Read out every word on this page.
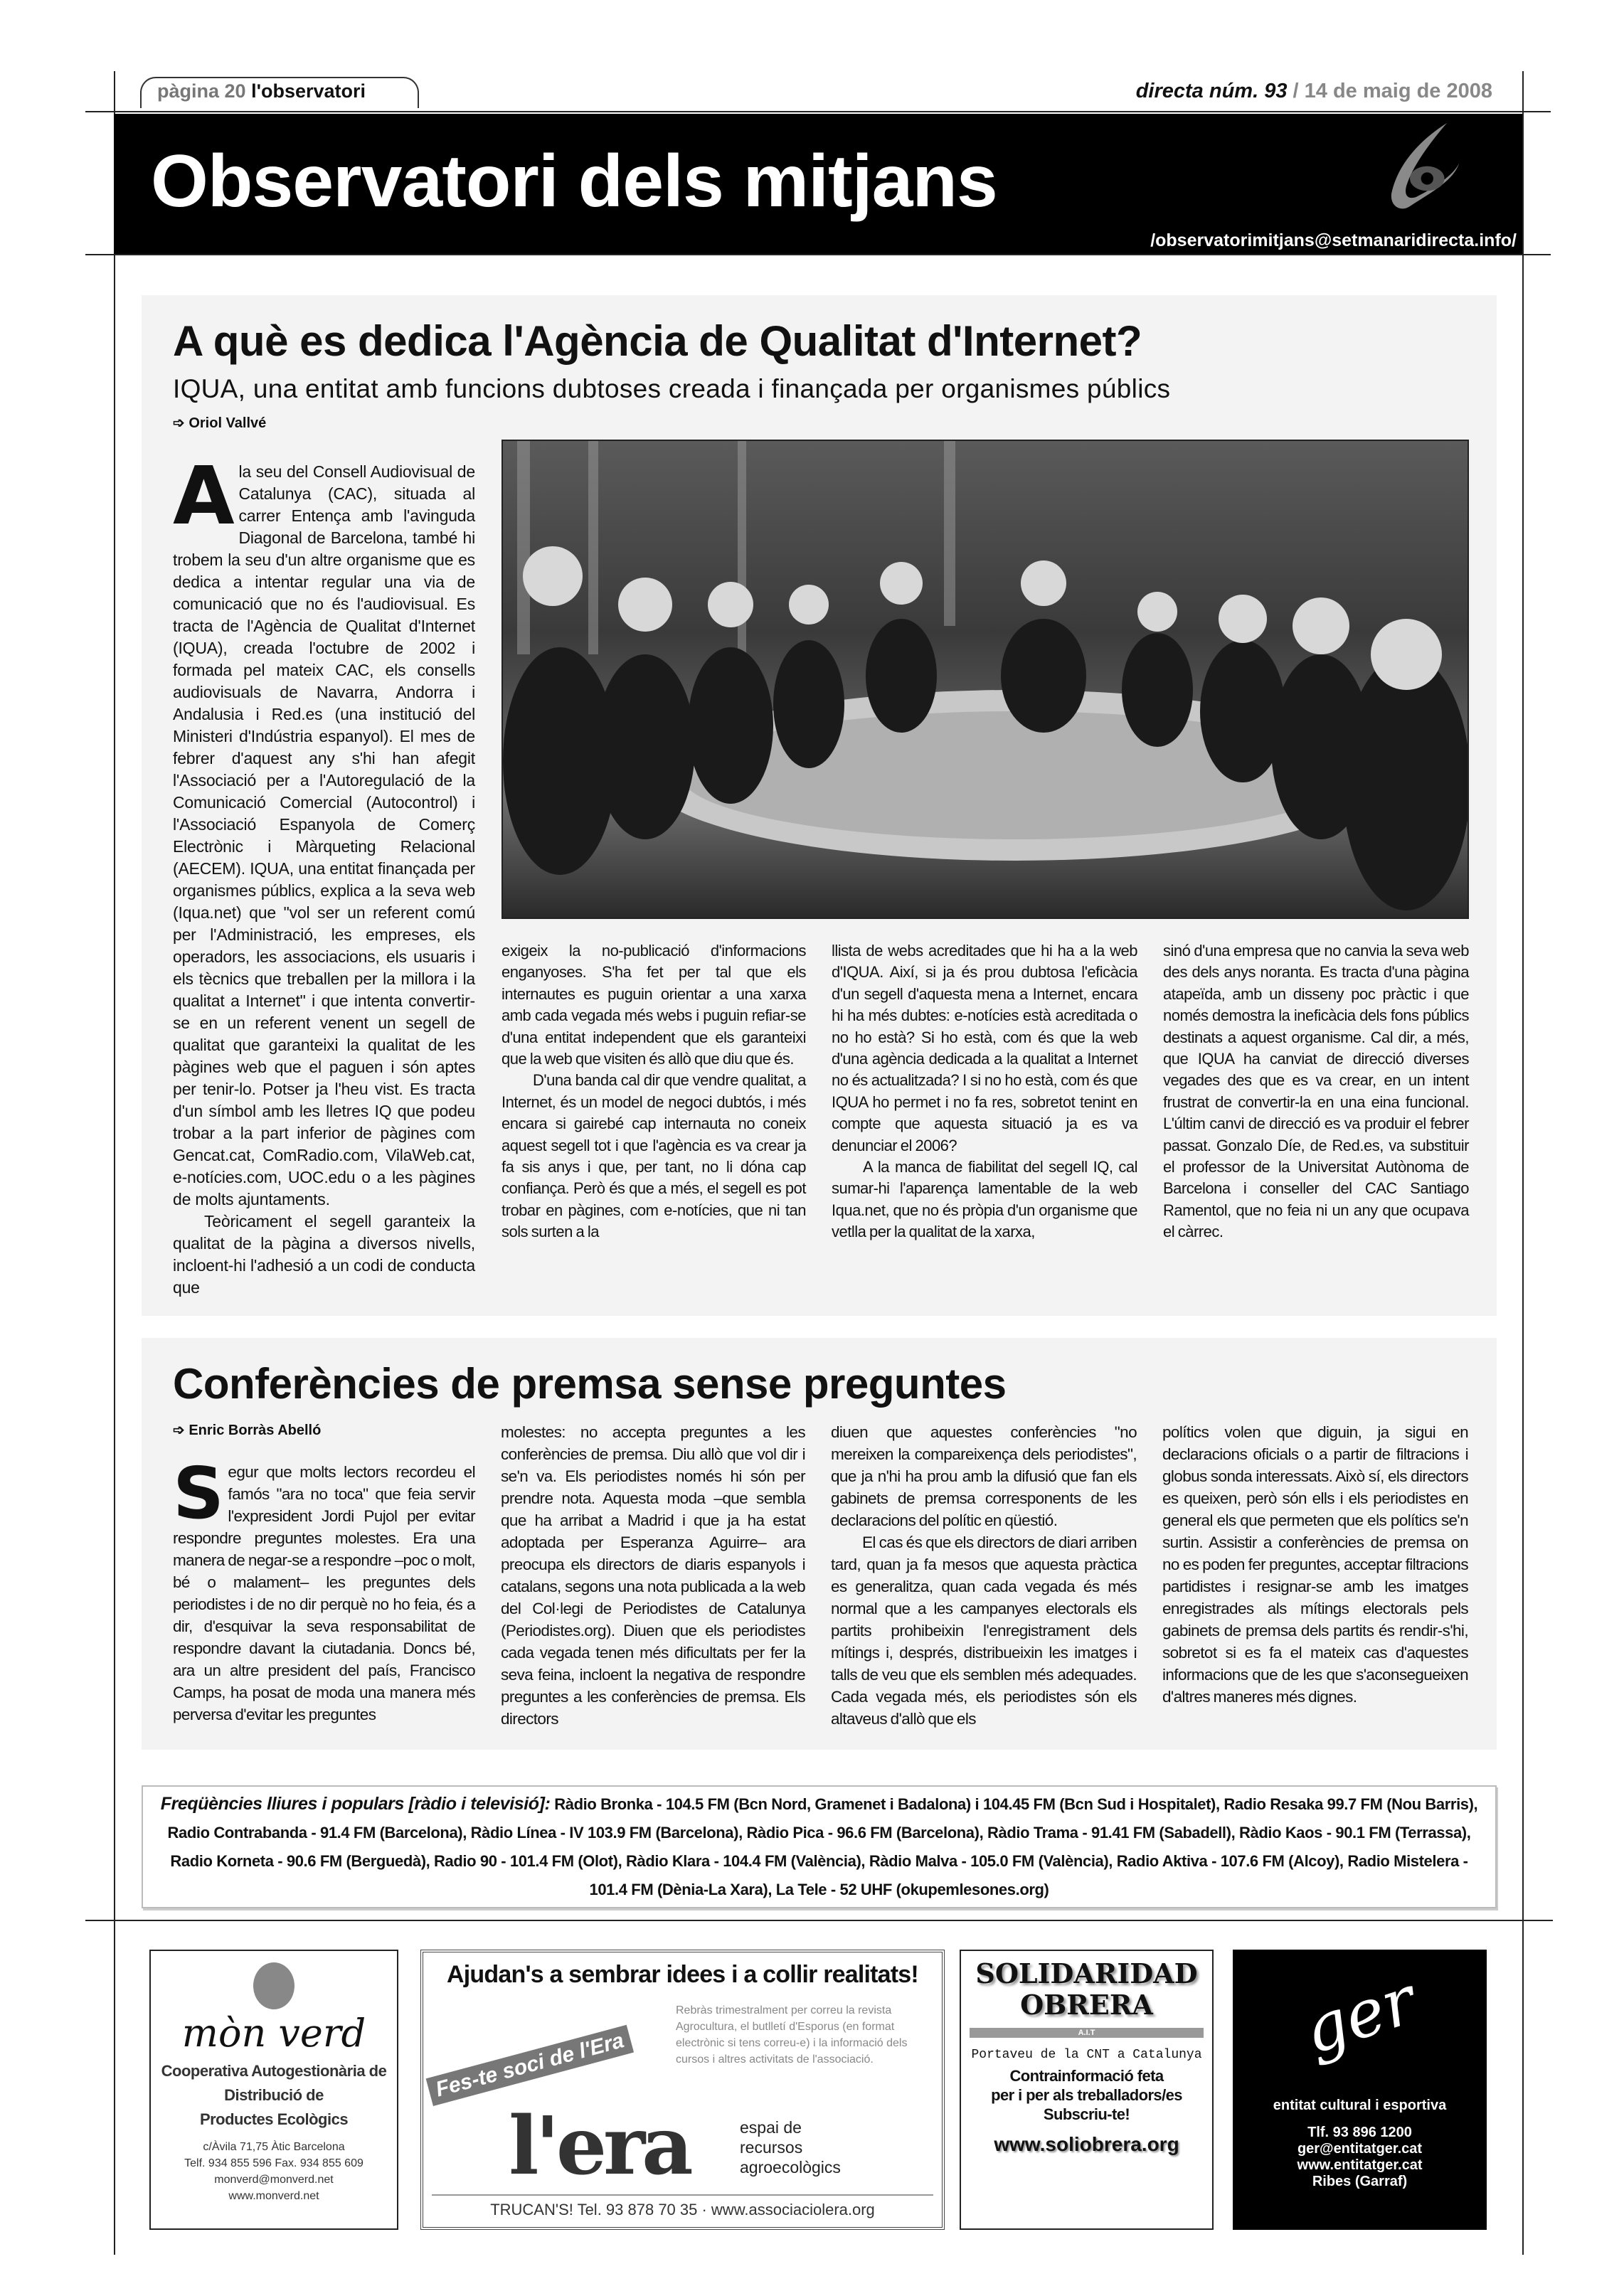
pàgina 20 l'observatori	directa núm. 93 / 14 de maig de 2008
Observatori dels mitjans
/observatorimitjans@setmanaridirecta.info/
A què es dedica l'Agència de Qualitat d'Internet?
IQUA, una entitat amb funcions dubtoses creada i finançada per organismes públics
➩ Oriol Vallvé

Ala seu del Consell Audiovisual de Catalunya (CAC), situada al carrer Entença amb l'avinguda Diagonal de Barcelona, també hi trobem la seu d'un altre organisme que es dedica a intentar regular una via de comunicació que no és l'audiovisual. Es tracta de l'Agència de Qualitat d'Internet (IQUA), creada l'octubre de 2002 i formada pel mateix CAC, els consells audiovisuals de Navarra, Andorra i Andalusia i Red.es (una institució del Ministeri d'Indústria espanyol). El mes de febrer d'aquest any s'hi han afegit l'Associació per a l'Autoregulació de la Comunicació Comercial (Autocontrol) i l'Associació Espanyola de Comerç Electrònic i Màrqueting Relacional (AECEM). IQUA, una entitat finançada per organismes públics, explica a la seva web (Iqua.net) que "vol ser un referent comú per l'Administració, les empreses, els operadors, les associacions, els usuaris i els tècnics que treballen per la millora i la qualitat a Internet" i que intenta convertir-se en un referent venent un segell de qualitat que garanteixi la qualitat de les pàgines web que el paguen i són aptes per tenir-lo. Potser ja l'heu vist. Es tracta d'un símbol amb les lletres IQ que podeu trobar a la part inferior de pàgines com Gencat.cat, ComRadio.com, VilaWeb.cat, e-notícies.com, UOC.edu o a les pàgines de molts ajuntaments.

Teòricament el segell garanteix la qualitat de la pàgina a diversos nivells, incloent-hi l'adhesió a un codi de conducta que

exigeix la no-publicació d'informacions enganyoses. S'ha fet per tal que els internautes es puguin orientar a una xarxa amb cada vegada més webs i puguin refiar-se d'una entitat independent que els garanteixi que la web que visiten és allò que diu que és.

D'una banda cal dir que vendre qualitat, a Internet, és un model de negoci dubtós, i més encara si gairebé cap internauta no coneix aquest segell tot i que l'agència es va crear ja fa sis anys i que, per tant, no li dóna cap confiança. Però és que a més, el segell es pot trobar en pàgines, com e-notícies, que ni tan sols surten a la

llista de webs acreditades que hi ha a la web d'IQUA. Així, si ja és prou dubtosa l'eficàcia d'un segell d'aquesta mena a Internet, encara hi ha més dubtes: e-notícies està acreditada o no ho està? Si ho està, com és que la web d'una agència dedicada a la qualitat a Internet no és actualitzada? I si no ho està, com és que IQUA ho permet i no fa res, sobretot tenint en compte que aquesta situació ja es va denunciar el 2006?

A la manca de fiabilitat del segell IQ, cal sumar-hi l'aparença lamentable de la web Iqua.net, que no és pròpia d'un organisme que vetlla per la qualitat de la xarxa,

sinó d'una empresa que no canvia la seva web des dels anys noranta. Es tracta d'una pàgina atapeïda, amb un disseny poc pràctic i que només demostra la ineficàcia dels fons públics destinats a aquest organisme. Cal dir, a més, que IQUA ha canviat de direcció diverses vegades des que es va crear, en un intent frustrat de convertir-la en una eina funcional. L'últim canvi de direcció es va produir el febrer passat. Gonzalo Díe, de Red.es, va substituir el professor de la Universitat Autònoma de Barcelona i conseller del CAC Santiago Ramentol, que no feia ni un any que ocupava el càrrec.

Conferències de premsa sense preguntes
➩ Enric Borràs Abelló

Segur que molts lectors recordeu el famós "ara no toca" que feia servir l'expresident Jordi Pujol per evitar respondre preguntes molestes. Era una manera de negar-se a respondre –poc o molt, bé o malament– les preguntes dels periodistes i de no dir perquè no ho feia, és a dir, d'esquivar la seva responsabilitat de respondre davant la ciutadania. Doncs bé, ara un altre president del país, Francisco Camps, ha posat de moda una manera més perversa d'evitar les preguntes

molestes: no accepta preguntes a les conferències de premsa. Diu allò que vol dir i se'n va. Els periodistes només hi són per prendre nota. Aquesta moda –que sembla que ha arribat a Madrid i que ja ha estat adoptada per Esperanza Aguirre– ara preocupa els directors de diaris espanyols i catalans, segons una nota publicada a la web del Col·legi de Periodistes de Catalunya (Periodistes.org). Diuen que els periodistes cada vegada tenen més dificultats per fer la seva feina, incloent la negativa de respondre preguntes a les conferències de premsa. Els directors

diuen que aquestes conferències "no mereixen la compareixença dels periodistes", que ja n'hi ha prou amb la difusió que fan els gabinets de premsa corresponents de les declaracions del polític en qüestió.

El cas és que els directors de diari arriben tard, quan ja fa mesos que aquesta pràctica es generalitza, quan cada vegada és més normal que a les campanyes electorals els partits prohibeixin l'enregistrament dels mítings i, després, distribueixin les imatges i talls de veu que els semblen més adequades. Cada vegada més, els periodistes són els altaveus d'allò que els

polítics volen que diguin, ja sigui en declaracions oficials o a partir de filtracions i globus sonda interessats. Això sí, els directors es queixen, però són ells i els periodistes en general els que permeten que els polítics se'n surtin. Assistir a conferències de premsa on no es poden fer preguntes, acceptar filtracions partidistes i resignar-se amb les imatges enregistrades als mítings electorals pels gabinets de premsa dels partits és rendir-s'hi, sobretot si es fa el mateix cas d'aquestes informacions que de les que s'aconsegueixen d'altres maneres més dignes.

Freqüències lliures i populars [ràdio i televisió]: Ràdio Bronka - 104.5 FM (Bcn Nord, Gramenet i Badalona) i 104.45 FM (Bcn Sud i Hospitalet), Radio Resaka 99.7 FM (Nou Barris), Radio Contrabanda - 91.4 FM (Barcelona), Ràdio Línea - IV 103.9 FM (Barcelona), Ràdio Pica - 96.6 FM (Barcelona), Ràdio Trama - 91.41 FM (Sabadell), Ràdio Kaos - 90.1 FM (Terrassa), Radio Korneta - 90.6 FM (Berguedà), Radio 90 - 101.4 FM (Olot), Ràdio Klara - 104.4 FM (València), Ràdio Malva - 105.0 FM (València), Radio Aktiva - 107.6 FM (Alcoy), Radio Mistelera - 101.4 FM (Dènia-La Xara), La Tele - 52 UHF (okupemlesones.org)
mòn verd
Cooperativa Autogestionària de
Distribució de
Productes Ecològics
c/Àvila 71,75 Àtic Barcelona
Telf. 934 855 596 Fax. 934 855 609
monverd@monverd.net
www.monverd.net
Ajudan's a sembrar idees i a collir realitats!
Fes-te soci de l'Era
Rebràs trimestralment per correu la revista Agrocultura, el butlletí d'Esporus (en format electrònic si tens correu-e) i la informació dels cursos i altres activitats de l'associació.
l'era	espai de
recursos
agroecològics
TRUCAN'S! Tel. 93 878 70 35 · www.associaciolera.org
SOLIDARIDAD
OBRERA
A.I.T
Portaveu de la CNT a Catalunya
Contrainformació feta
per i per als treballadors/es
Subscriu-te!
www.soliobrera.org
ger
entitat cultural i esportiva
Tlf. 93 896 1200
ger@entitatger.cat
www.entitatger.cat
Ribes (Garraf)
